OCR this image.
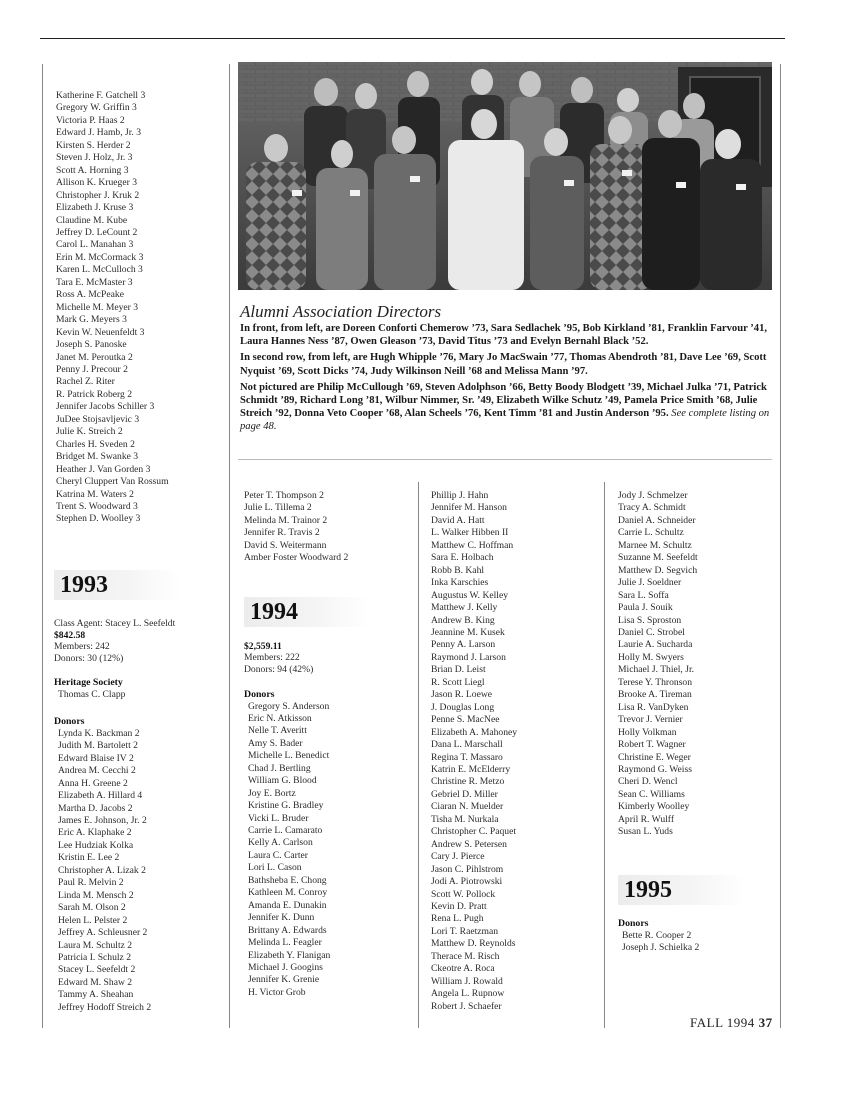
Katherine F. Gatchell 3
Gregory W. Griffin 3
Victoria P. Haas 2
Edward J. Hamb, Jr. 3
Kirsten S. Herder 2
Steven J. Holz, Jr. 3
Scott A. Horning 3
Allison K. Krueger 3
Christopher J. Kruk 2
Elizabeth J. Kruse 3
Claudine M. Kube
Jeffrey D. LeCount 2
Carol L. Manahan 3
Erin M. McCormack 3
Karen L. McCulloch 3
Tara E. McMaster 3
Ross A. McPeake
Michelle M. Meyer 3
Mark G. Meyers 3
Kevin W. Neuenfeldt 3
Joseph S. Panoske
Janet M. Peroutka 2
Penny J. Precour 2
Rachel Z. Riter
R. Patrick Roberg 2
Jennifer Jacobs Schiller 3
JuDee Stojsavljevic 3
Julie K. Streich 2
Charles H. Sveden 2
Bridget M. Swanke 3
Heather J. Van Gorden 3
Cheryl Cluppert Van Rossum
Katrina M. Waters 2
Trent S. Woodward 3
Stephen D. Woolley 3
1993
Class Agent: Stacey L. Seefeldt
$842.58
Members: 242
Donors: 30 (12%)
Heritage Society
Thomas C. Clapp
Donors
Lynda K. Backman 2
Judith M. Bartolett 2
Edward Blaise IV 2
Andrea M. Cecchi 2
Anna H. Greene 2
Elizabeth A. Hillard 4
Martha D. Jacobs 2
James E. Johnson, Jr. 2
Eric A. Klaphake 2
Lee Hudziak Kolka
Kristin E. Lee 2
Christopher A. Lizak 2
Paul R. Melvin 2
Linda M. Mensch 2
Sarah M. Olson 2
Helen L. Pelster 2
Jeffrey A. Schleusner 2
Laura M. Schultz 2
Patricia I. Schulz 2
Stacey L. Seefeldt 2
Edward M. Shaw 2
Tammy A. Sheahan
Jeffrey Hodoff Streich 2
Alumni Association Directors

In front, from left, are Doreen Conforti Chemerow ’73, Sara Sedlachek ’95, Bob Kirkland ’81, Franklin Farvour ’41, Laura Hannes Ness ’87, Owen Gleason ’73, David Titus ’73 and Evelyn Bernahl Black ’52.

In second row, from left, are Hugh Whipple ’76, Mary Jo MacSwain ’77, Thomas Abendroth ’81, Dave Lee ’69, Scott Nyquist ’69, Scott Dicks ’74, Judy Wilkinson Neill ’68 and Melissa Mann ’97.

Not pictured are Philip McCullough ’69, Steven Adolphson ’66, Betty Boody Blodgett ’39, Michael Julka ’71, Patrick Schmidt ’89, Richard Long ’81, Wilbur Nimmer, Sr. ’49, Elizabeth Wilke Schutz ’49, Pamela Price Smith ’68, Julie Streich ’92, Donna Veto Cooper ’68, Alan Scheels ’76, Kent Timm ’81 and Justin Anderson ’95. See complete listing on page 48.

Peter T. Thompson 2
Julie L. Tillema 2
Melinda M. Trainor 2
Jennifer R. Travis 2
David S. Weitermann
Amber Foster Woodward 2
1994
$2,559.11
Members: 222
Donors: 94 (42%)
Donors
Gregory S. Anderson
Eric N. Atkisson
Nelle T. Averitt
Amy S. Bader
Michelle L. Benedict
Chad J. Bertling
William G. Blood
Joy E. Bortz
Kristine G. Bradley
Vicki L. Bruder
Carrie L. Camarato
Kelly A. Carlson
Laura C. Carter
Lori L. Cason
Bathsheba E. Chong
Kathleen M. Conroy
Amanda E. Dunakin
Jennifer K. Dunn
Brittany A. Edwards
Melinda L. Feagler
Elizabeth Y. Flanigan
Michael J. Googins
Jennifer K. Grenie
H. Victor Grob
Phillip J. Hahn
Jennifer M. Hanson
David A. Hatt
L. Walker Hibben II
Matthew C. Hoffman
Sara E. Holbach
Robb B. Kahl
Inka Karschies
Augustus W. Kelley
Matthew J. Kelly
Andrew B. King
Jeannine M. Kusek
Penny A. Larson
Raymond J. Larson
Brian D. Leist
R. Scott Liegl
Jason R. Loewe
J. Douglas Long
Penne S. MacNee
Elizabeth A. Mahoney
Dana L. Marschall
Regina T. Massaro
Katrin E. McElderry
Christine R. Metzo
Gebriel D. Miller
Ciaran N. Muelder
Tisha M. Nurkala
Christopher C. Paquet
Andrew S. Petersen
Cary J. Pierce
Jason C. Pihlstrom
Jodi A. Piotrowski
Scott W. Pollock
Kevin D. Pratt
Rena L. Pugh
Lori T. Raetzman
Matthew D. Reynolds
Therace M. Risch
Ckeotre A. Roca
William J. Rowald
Angela L. Rupnow
Robert J. Schaefer
Jody J. Schmelzer
Tracy A. Schmidt
Daniel A. Schneider
Carrie L. Schultz
Marnee M. Schultz
Suzanne M. Seefeldt
Matthew D. Segvich
Julie J. Soeldner
Sara L. Soffa
Paula J. Souik
Lisa S. Sproston
Daniel C. Strobel
Laurie A. Sucharda
Holly M. Swyers
Michael J. Thiel, Jr.
Terese Y. Thronson
Brooke A. Tireman
Lisa R. VanDyken
Trevor J. Vernier
Holly Volkman
Robert T. Wagner
Christine E. Weger
Raymond G. Weiss
Cheri D. Wencl
Sean C. Williams
Kimberly Woolley
April R. Wulff
Susan L. Yuds
1995
Donors
Bette R. Cooper 2
Joseph J. Schielka 2
FALL 1994 37
